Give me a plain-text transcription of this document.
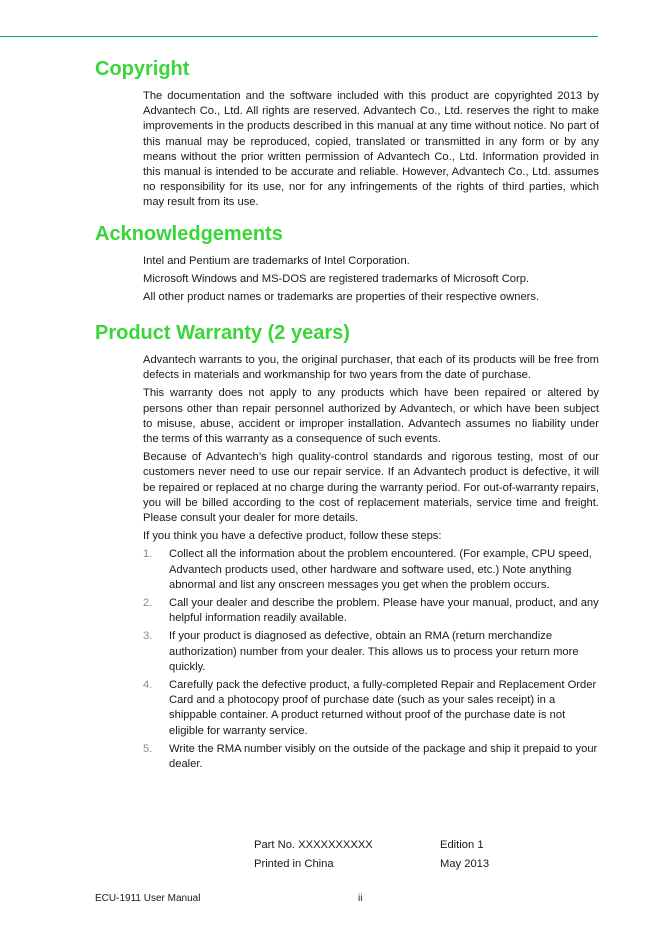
Copyright

The documentation and the software included with this product are copyrighted 2013 by Advantech Co., Ltd. All rights are reserved. Advantech Co., Ltd. reserves the right to make improvements in the products described in this manual at any time without notice. No part of this manual may be reproduced, copied, translated or transmitted in any form or by any means without the prior written permission of Advantech Co., Ltd. Information provided in this manual is intended to be accurate and reliable. However, Advantech Co., Ltd. assumes no responsibility for its use, nor for any infringements of the rights of third parties, which may result from its use.

Acknowledgements

Intel and Pentium are trademarks of Intel Corporation.

Microsoft Windows and MS-DOS are registered trademarks of Microsoft Corp.

All other product names or trademarks are properties of their respective owners.

Product Warranty (2 years)

Advantech warrants to you, the original purchaser, that each of its products will be free from defects in materials and workmanship for two years from the date of purchase.

This warranty does not apply to any products which have been repaired or altered by persons other than repair personnel authorized by Advantech, or which have been subject to misuse, abuse, accident or improper installation. Advantech assumes no liability under the terms of this warranty as a consequence of such events.

Because of Advantech’s high quality-control standards and rigorous testing, most of our customers never need to use our repair service. If an Advantech product is defective, it will be repaired or replaced at no charge during the warranty period. For out-of-warranty repairs, you will be billed according to the cost of replacement materials, service time and freight. Please consult your dealer for more details.

If you think you have a defective product, follow these steps:

1. Collect all the information about the problem encountered. (For example, CPU speed, Advantech products used, other hardware and software used, etc.) Note anything abnormal and list any onscreen messages you get when the problem occurs.
2. Call your dealer and describe the problem. Please have your manual, product, and any helpful information readily available.
3. If your product is diagnosed as defective, obtain an RMA (return merchandize authorization) number from your dealer. This allows us to process your return more quickly.
4. Carefully pack the defective product, a fully-completed Repair and Replacement Order Card and a photocopy proof of purchase date (such as your sales receipt) in a shippable container. A product returned without proof of the purchase date is not eligible for warranty service.
5. Write the RMA number visibly on the outside of the package and ship it prepaid to your dealer.
Part No. XXXXXXXXXX
Printed in China
Edition 1
May 2013
ECU-1911 User Manual	ii
